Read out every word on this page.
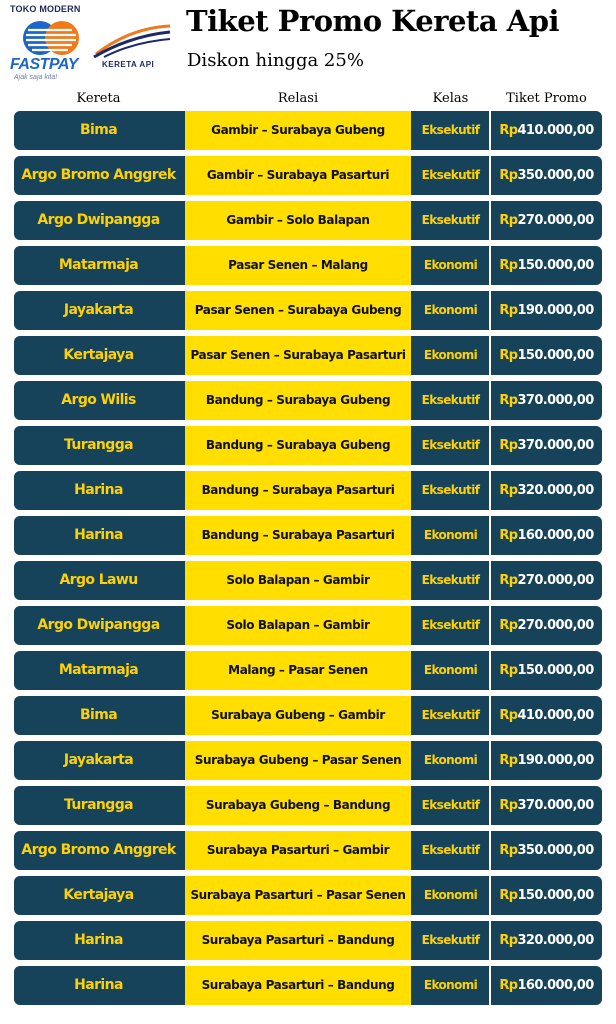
TOKO MODERN
FASTPAY
Ajak saja kita!
KERETA API
Tiket Promo Kereta Api
Diskon hingga 25%
Kereta	Relasi	Kelas	Tiket Promo
Bima	Gambir – Surabaya Gubeng	Eksekutif	Rp410.000,00
Argo Bromo Anggrek	Gambir – Surabaya Pasarturi	Eksekutif	Rp350.000,00
Argo Dwipangga	Gambir – Solo Balapan	Eksekutif	Rp270.000,00
Matarmaja	Pasar Senen – Malang	Ekonomi	Rp150.000,00
Jayakarta	Pasar Senen – Surabaya Gubeng	Ekonomi	Rp190.000,00
Kertajaya	Pasar Senen – Surabaya Pasarturi	Ekonomi	Rp150.000,00
Argo Wilis	Bandung – Surabaya Gubeng	Eksekutif	Rp370.000,00
Turangga	Bandung – Surabaya Gubeng	Eksekutif	Rp370.000,00
Harina	Bandung – Surabaya Pasarturi	Eksekutif	Rp320.000,00
Harina	Bandung – Surabaya Pasarturi	Ekonomi	Rp160.000,00
Argo Lawu	Solo Balapan – Gambir	Eksekutif	Rp270.000,00
Argo Dwipangga	Solo Balapan – Gambir	Eksekutif	Rp270.000,00
Matarmaja	Malang – Pasar Senen	Ekonomi	Rp150.000,00
Bima	Surabaya Gubeng – Gambir	Eksekutif	Rp410.000,00
Jayakarta	Surabaya Gubeng – Pasar Senen	Ekonomi	Rp190.000,00
Turangga	Surabaya Gubeng – Bandung	Eksekutif	Rp370.000,00
Argo Bromo Anggrek	Surabaya Pasarturi – Gambir	Eksekutif	Rp350.000,00
Kertajaya	Surabaya Pasarturi – Pasar Senen	Ekonomi	Rp150.000,00
Harina	Surabaya Pasarturi – Bandung	Eksekutif	Rp320.000,00
Harina	Surabaya Pasarturi – Bandung	Ekonomi	Rp160.000,00
